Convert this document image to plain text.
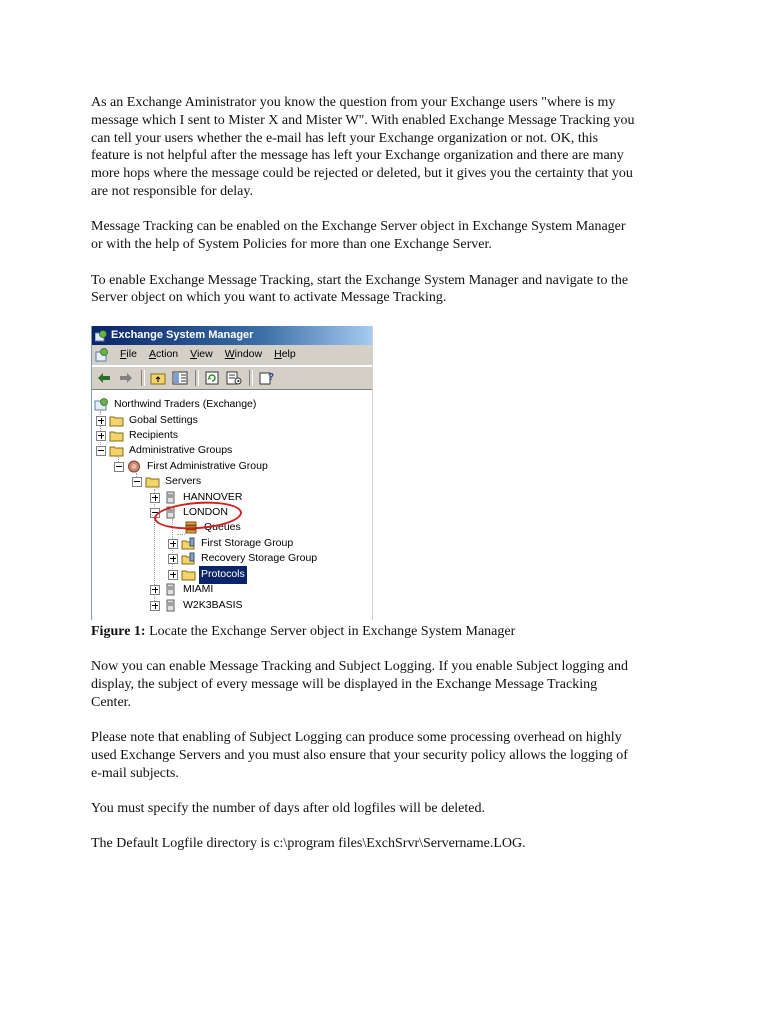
As an Exchange Aministrator you know the question from your Exchange users "where is my
message which I sent to Mister X and Mister W". With enabled Exchange Message Tracking you
can tell your users whether the e-mail has left your Exchange organization or not. OK, this
feature is not helpful after the message has left your Exchange organization and there are many
more hops where the message could be rejected or deleted, but it gives you the certainty that you
are not responsible for delay.

Message Tracking can be enabled on the Exchange Server object in Exchange System Manager
or with the help of System Policies for more than one Exchange Server.

To enable Exchange Message Tracking, start the Exchange System Manager and navigate to the
Server object on which you want to activate Message Tracking.

Exchange System Manager
File	Action	View	Window	Help
?
Northwind Traders (Exchange)
Gobal Settings
Recipients
Administrative Groups
First Administrative Group
Servers
HANNOVER
LONDON
Queues
First Storage Group
Recovery Storage Group
Protocols
MIAMI
W2K3BASIS

Figure 1: Locate the Exchange Server object in Exchange System Manager

Now you can enable Message Tracking and Subject Logging. If you enable Subject logging and
display, the subject of every message will be displayed in the Exchange Message Tracking
Center.

Please note that enabling of Subject Logging can produce some processing overhead on highly
used Exchange Servers and you must also ensure that your security policy allows the logging of
e-mail subjects.

You must specify the number of days after old logfiles will be deleted.

The Default Logfile directory is c:\program files\ExchSrvr\Servername.LOG.
